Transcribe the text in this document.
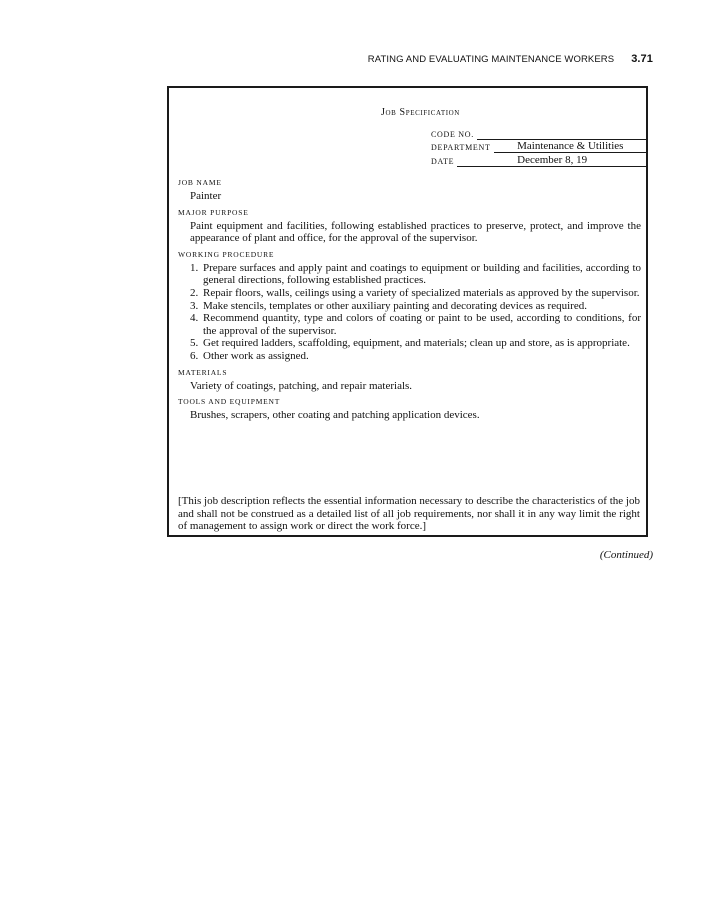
RATING AND EVALUATING MAINTENANCE WORKERS 3.71
Job Specification
CODE NO.
DEPARTMENT	Maintenance & Utilities
DATE	December 8, 19
JOB NAME
Painter
MAJOR PURPOSE
Paint equipment and facilities, following established practices to preserve, protect, and improve the appearance of plant and office, for the approval of the supervisor.
WORKING PROCEDURE
1. Prepare surfaces and apply paint and coatings to equipment or building and facilities, according to general directions, following established practices.
2. Repair floors, walls, ceilings using a variety of specialized materials as approved by the supervisor.
3. Make stencils, templates or other auxiliary painting and decorating devices as required.
4. Recommend quantity, type and colors of coating or paint to be used, according to conditions, for the approval of the supervisor.
5. Get required ladders, scaffolding, equipment, and materials; clean up and store, as is appropriate.
6. Other work as assigned.
MATERIALS
Variety of coatings, patching, and repair materials.
TOOLS AND EQUIPMENT
Brushes, scrapers, other coating and patching application devices.
[This job description reflects the essential information necessary to describe the characteristics of the job and shall not be construed as a detailed list of all job requirements, nor shall it in any way limit the right of management to assign work or direct the work force.]
(Continued)
